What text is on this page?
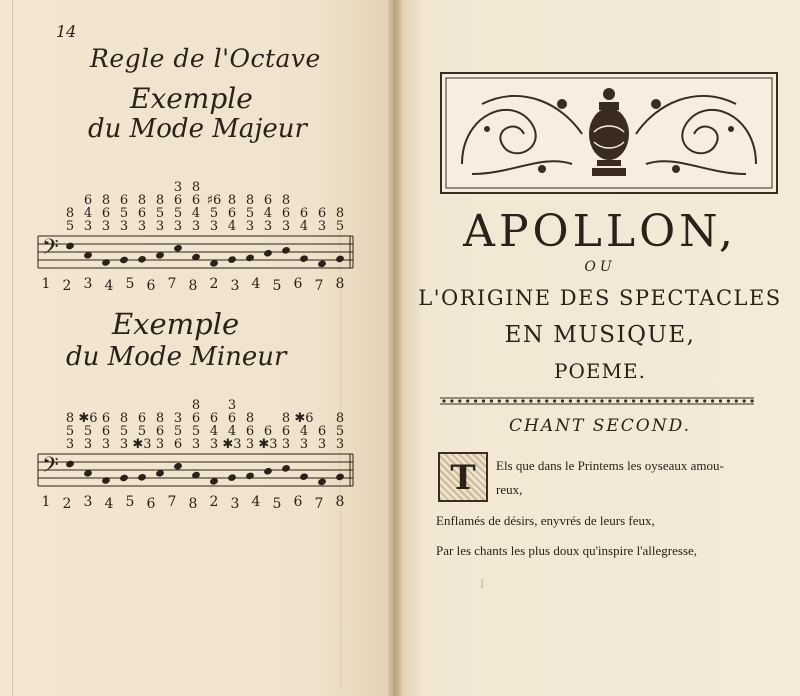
14
Regle de l'Octave
Exemple
du Mode Majeur
8
5
6
4
3
8
6
3
6
5
3
8
6
3
8
5
3
3
6
5
3
8
6
4
3
♯6
5
3
8
6
4
8
5
3
6
4
3
8
6
3
6
4
6
3
8
5
𝄢
1 2 3 4 5 6 7 8 2 3 4 5 6 7 8
Exemple
du Mode Mineur
8
5
3
✱6
5
3
6
6
3
8
5
3
6
5
✱3
8
6
3
3
5
6
8
6
5
3
6
4
3
3
6
4
✱3
8
6
3
6
✱3
8
6
3
✱6
4
3
6
3
8
5
3
𝄢
1 2 3 4 5 6 7 8 2 3 4 5 6 7 8
APOLLON,
OU
L'ORIGINE DES SPECTACLES
EN MUSIQUE,
POEME.
CHANT SECOND.
T	Els que dans le Printems les oyseaux amou-
reux,
Enflamés de désirs, enyvrés de leurs feux,
Par les chants les plus doux qu'inspire l'allegresse,
I
